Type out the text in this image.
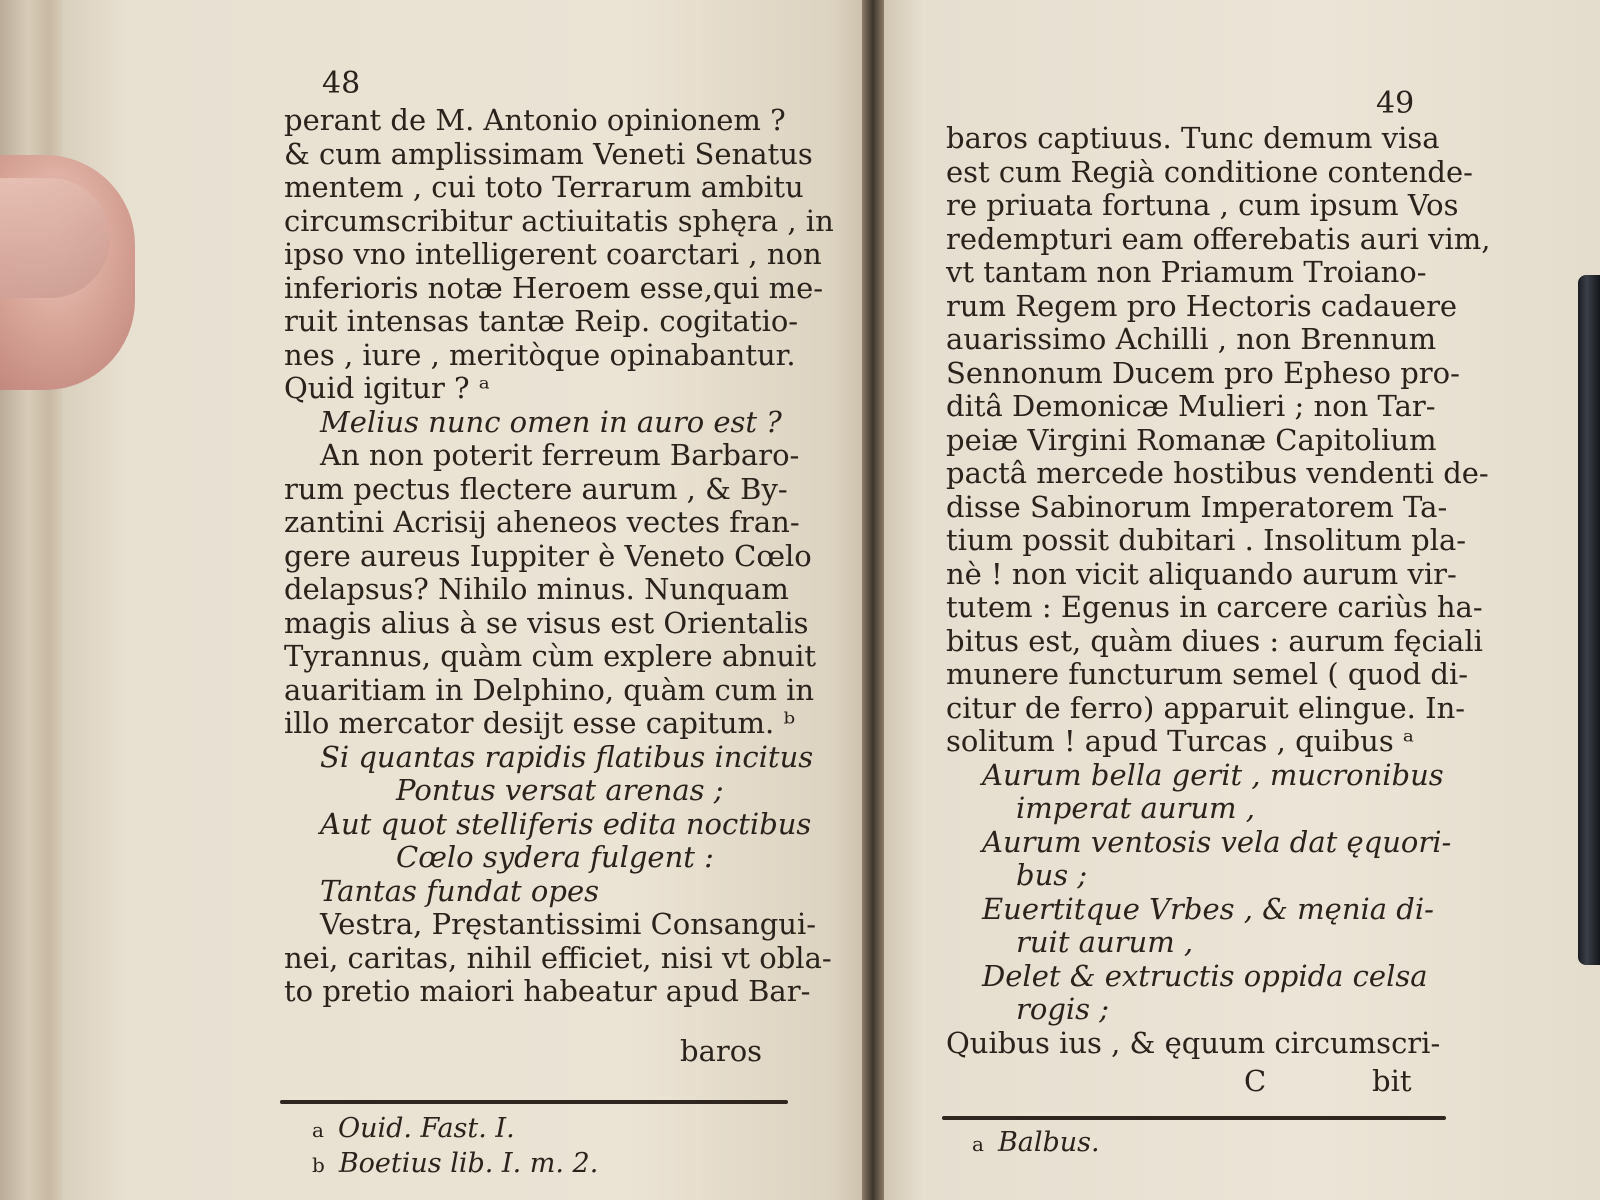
48

perant de M. Antonio opinionem ?

& cum amplissimam Veneti Senatus

mentem , cui toto Terrarum ambitu

circumscribitur actiuitatis sphęra , in

ipso vno intelligerent coarctari , non

inferioris notæ Heroem esse,qui me-

ruit intensas tantæ Reip. cogitatio-

nes , iure , meritòque opinabantur.

Quid igitur ? ᵃ

Melius nunc omen in auro est ?

An non poterit ferreum Barbaro-

rum pectus flectere aurum , & By-

zantini Acrisij aheneos vectes fran-

gere aureus Iuppiter è Veneto Cœlo

delapsus? Nihilo minus. Nunquam

magis alius à se visus est Orientalis

Tyrannus, quàm cùm explere abnuit

auaritiam in Delphino, quàm cum in

illo mercator desijt esse capitum. ᵇ

Si quantas rapidis flatibus incitus

Pontus versat arenas ;

Aut quot stelliferis edita noctibus

Cœlo sydera fulgent :

Tantas fundat opes

Vestra, Pręstantissimi Consangui-

nei, caritas, nihil efficiet, nisi vt obla-

to pretio maiori habeatur apud Bar-

baros

a Ouid. Fast. I.

b Boetius lib. I. m. 2.

49

baros captiuus. Tunc demum visa

est cum Regià conditione contende-

re priuata fortuna , cum ipsum Vos

redempturi eam offerebatis auri vim,

vt tantam non Priamum Troiano-

rum Regem pro Hectoris cadauere

auarissimo Achilli , non Brennum

Sennonum Ducem pro Epheso pro-

ditâ Demonicæ Mulieri ; non Tar-

peiæ Virgini Romanæ Capitolium

pactâ mercede hostibus vendenti de-

disse Sabinorum Imperatorem Ta-

tium possit dubitari . Insolitum pla-

nè ! non vicit aliquando aurum vir-

tutem : Egenus in carcere cariùs ha-

bitus est, quàm diues : aurum fęciali

munere functurum semel ( quod di-

citur de ferro) apparuit elingue. In-

solitum ! apud Turcas , quibus ᵃ

Aurum bella gerit , mucronibus

imperat aurum ,

Aurum ventosis vela dat ęquori-

bus ;

Euertitque Vrbes , & męnia di-

ruit aurum ,

Delet & extructis oppida celsa

rogis ;

Quibus ius , & ęquum circumscri-

C	bit

a Balbus.
